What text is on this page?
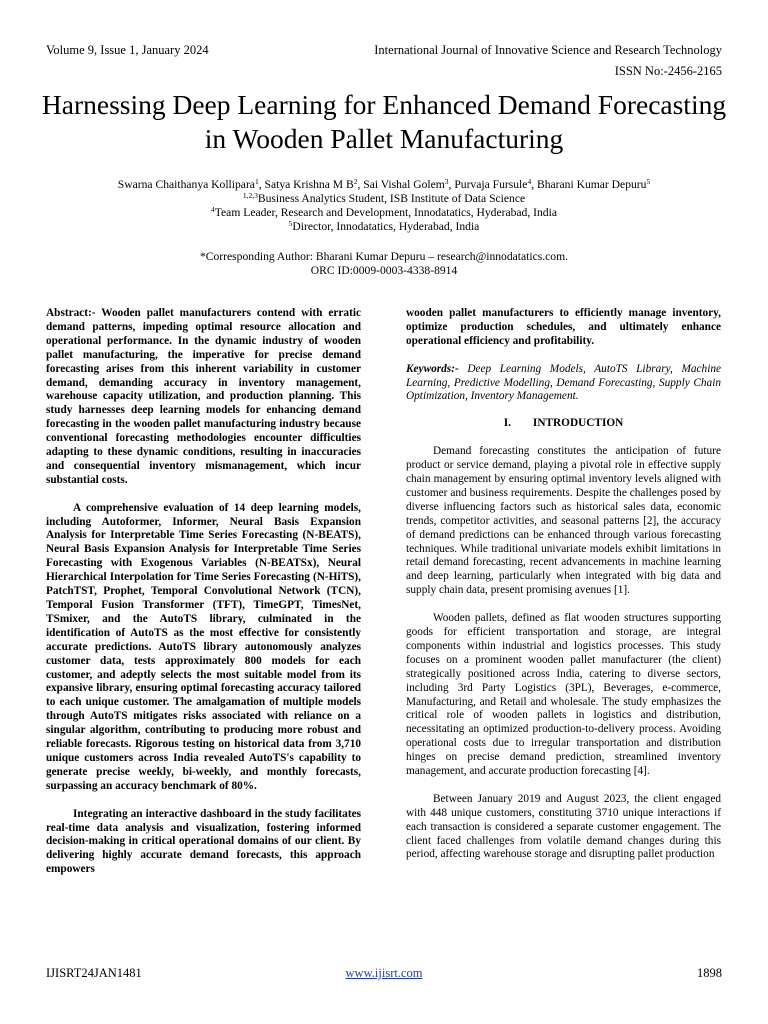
Volume 9, Issue 1, January 2024	International Journal of Innovative Science and Research Technology
ISSN No:-2456-2165
Harnessing Deep Learning for Enhanced Demand Forecasting in Wooden Pallet Manufacturing
Swarna Chaithanya Kollipara$^1$, Satya Krishna M $B^2$, Sai Vishal Golem$^3$, Purvaja Fursule$^4$, Bharani Kumar Depuru$^5$
$^{1,2,3}$Business Analytics Student, ISB Institute of Data Science
$^4$Team Leader, Research and Development, Innodatatics, Hyderabad, India
$^5$Director, Innodatatics, Hyderabad, India
*Corresponding Author: Bharani Kumar Depuru – research@innodatatics.com.
ORC ID:0009-0003-4338-8914

Abstract:- Wooden pallet manufacturers contend with erratic demand patterns, impeding optimal resource allocation and operational performance. In the dynamic industry of wooden pallet manufacturing, the imperative for precise demand forecasting arises from this inherent variability in customer demand, demanding accuracy in inventory management, warehouse capacity utilization, and production planning. This study harnesses deep learning models for enhancing demand forecasting in the wooden pallet manufacturing industry because conventional forecasting methodologies encounter difficulties adapting to these dynamic conditions, resulting in inaccuracies and consequential inventory mismanagement, which incur substantial costs.

A comprehensive evaluation of 14 deep learning models, including Autoformer, Informer, Neural Basis Expansion Analysis for Interpretable Time Series Forecasting (N-BEATS), Neural Basis Expansion Analysis for Interpretable Time Series Forecasting with Exogenous Variables (N-BEATSx), Neural Hierarchical Interpolation for Time Series Forecasting (N-HiTS), PatchTST, Prophet, Temporal Convolutional Network (TCN), Temporal Fusion Transformer (TFT), TimeGPT, TimesNet, TSmixer, and the AutoTS library, culminated in the identification of AutoTS as the most effective for consistently accurate predictions. AutoTS library autonomously analyzes customer data, tests approximately 800 models for each customer, and adeptly selects the most suitable model from its expansive library, ensuring optimal forecasting accuracy tailored to each unique customer. The amalgamation of multiple models through AutoTS mitigates risks associated with reliance on a singular algorithm, contributing to producing more robust and reliable forecasts. Rigorous testing on historical data from 3,710 unique customers across India revealed AutoTS's capability to generate precise weekly, bi-weekly, and monthly forecasts, surpassing an accuracy benchmark of 80%.

Integrating an interactive dashboard in the study facilitates real-time data analysis and visualization, fostering informed decision-making in critical operational domains of our client. By delivering highly accurate demand forecasts, this approach empowers

wooden pallet manufacturers to efficiently manage inventory, optimize production schedules, and ultimately enhance operational efficiency and profitability.

Keywords:- Deep Learning Models, AutoTS Library, Machine Learning, Predictive Modelling, Demand Forecasting, Supply Chain Optimization, Inventory Management.

I. INTRODUCTION

Demand forecasting constitutes the anticipation of future product or service demand, playing a pivotal role in effective supply chain management by ensuring optimal inventory levels aligned with customer and business requirements. Despite the challenges posed by diverse influencing factors such as historical sales data, economic trends, competitor activities, and seasonal patterns [2], the accuracy of demand predictions can be enhanced through various forecasting techniques. While traditional univariate models exhibit limitations in retail demand forecasting, recent advancements in machine learning and deep learning, particularly when integrated with big data and supply chain data, present promising avenues [1].

Wooden pallets, defined as flat wooden structures supporting goods for efficient transportation and storage, are integral components within industrial and logistics processes. This study focuses on a prominent wooden pallet manufacturer (the client) strategically positioned across India, catering to diverse sectors, including 3rd Party Logistics (3PL), Beverages, e-commerce, Manufacturing, and Retail and wholesale. The study emphasizes the critical role of wooden pallets in logistics and distribution, necessitating an optimized production-to-delivery process. Avoiding operational costs due to irregular transportation and distribution hinges on precise demand prediction, streamlined inventory management, and accurate production forecasting [4].

Between January 2019 and August 2023, the client engaged with 448 unique customers, constituting 3710 unique interactions if each transaction is considered a separate customer engagement. The client faced challenges from volatile demand changes during this period, affecting warehouse storage and disrupting pallet production

IJISRT24JAN1481	www.ijisrt.com	1898
